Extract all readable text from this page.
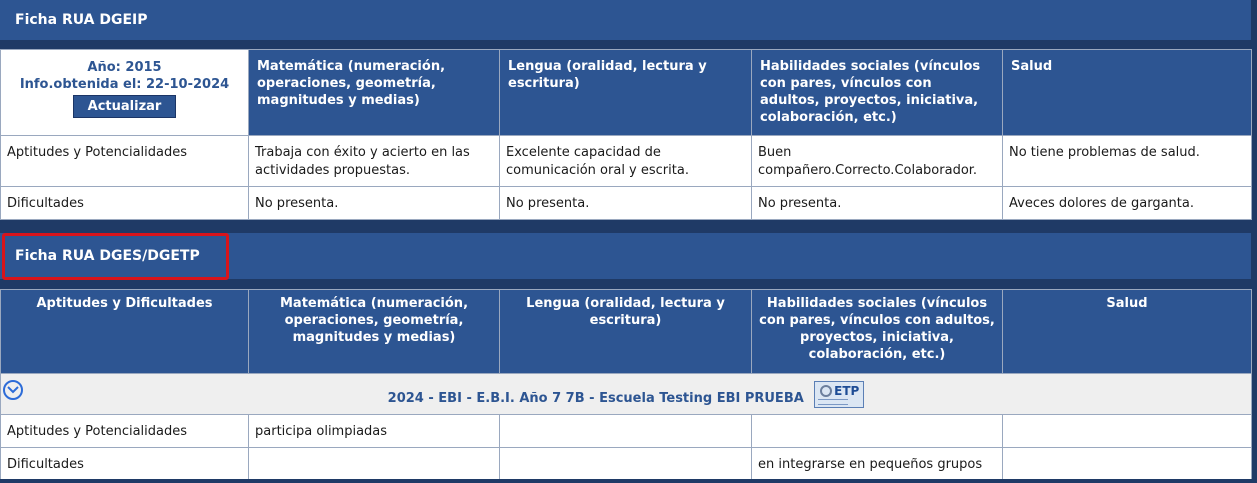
Ficha RUA DGEIP
Año: 2015
Info.obtenida el: 22-10-2024
Actualizar	Matemática (numeración, operaciones, geometría, magnitudes y medias)	Lengua (oralidad, lectura y escritura)	Habilidades sociales (vínculos con pares, vínculos con adultos, proyectos, iniciativa, colaboración, etc.)	Salud
Aptitudes y Potencialidades	Trabaja con éxito y acierto en las actividades propuestas.	Excelente capacidad de comunicación oral y escrita.	Buen compañero.Correcto.Colaborador.	No tiene problemas de salud.
Dificultades	No presenta.	No presenta.	No presenta.	Aveces dolores de garganta.
Ficha RUA DGES/DGETP
Aptitudes y Dificultades	Matemática (numeración, operaciones, geometría, magnitudes y medias)	Lengua (oralidad, lectura y escritura)	Habilidades sociales (vínculos con pares, vínculos con adultos, proyectos, iniciativa, colaboración, etc.)	Salud

2024 - EBI - E.B.I. Año 7 7B - Escuela Testing EBI PRUEBA ETP				

Aptitudes y Potencialidades	participa olimpiadas			
Dificultades			en integrarse en pequeños grupos	
